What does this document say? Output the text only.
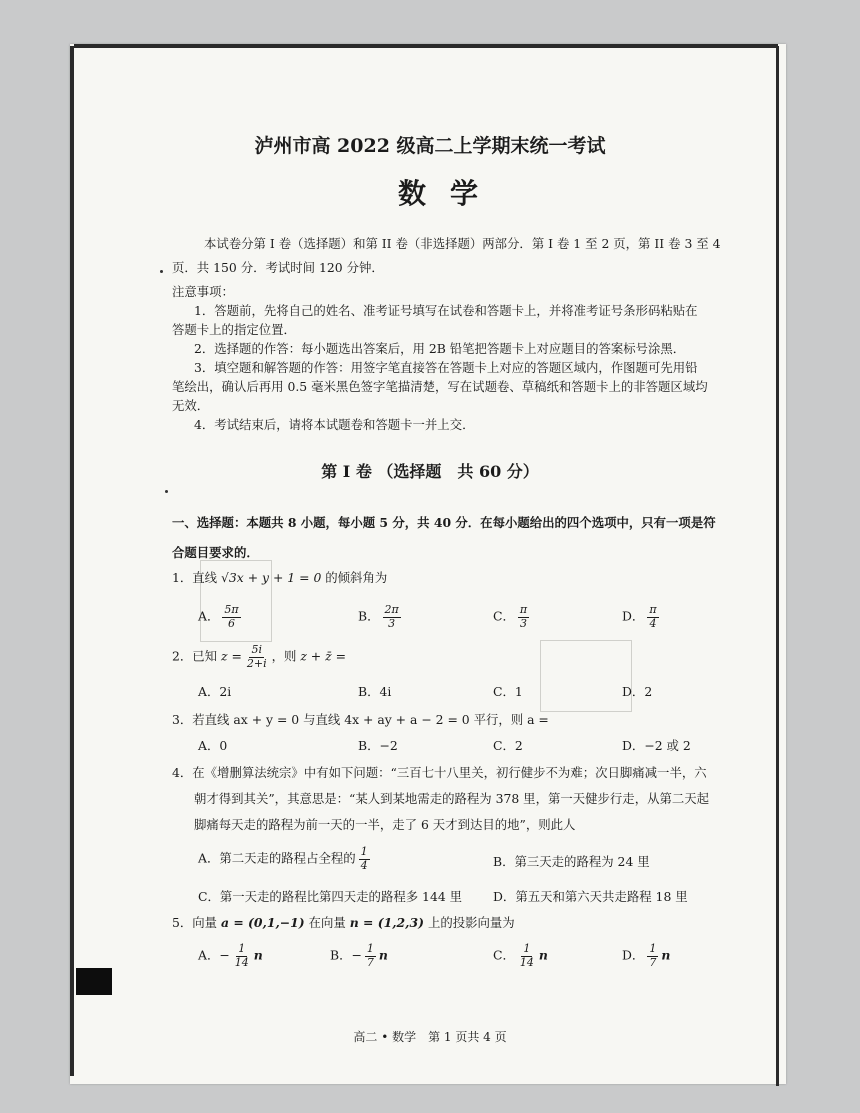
泸州市高 2022 级高二上学期末统一考试
数学
本试卷分第 I 卷（选择题）和第 II 卷（非选择题）两部分．第 I 卷 1 至 2 页，第 II 卷 3 至 4
页．共 150 分．考试时间 120 分钟．
注意事项：
1．答题前，先将自己的姓名、准考证号填写在试卷和答题卡上，并将准考证号条形码粘贴在
答题卡上的指定位置．
2．选择题的作答：每小题选出答案后，用 2B 铅笔把答题卡上对应题目的答案标号涂黑．
3．填空题和解答题的作答：用签字笔直接答在答题卡上对应的答题区域内，作图题可先用铅
笔绘出，确认后再用 0.5 毫米黑色签字笔描清楚，写在试题卷、草稿纸和答题卡上的非答题区域均
无效．
4．考试结束后，请将本试题卷和答题卡一并上交．
第 I 卷 （选择题　共 60 分）
一、选择题：本题共 8 小题，每小题 5 分，共 40 分．在每小题给出的四个选项中，只有一项是符
合题目要求的．
1．直线 √3x + y + 1 = 0 的倾斜角为
A． $\frac{5\pi}{6}$	B． $\frac{2\pi}{3}$	C． $\frac{\pi}{3}$	D． $\frac{\pi}{4}$
2．已知 $z = \frac{5i}{2+i}$ ，则 z + z̄ =
A．2i	B．4i	C．1	D．2
3．若直线 ax + y = 0 与直线 4x + ay + a − 2 = 0 平行，则 a =
A．0	B．−2	C．2	D．−2 或 2
4．在《增删算法统宗》中有如下问题：“三百七十八里关，初行健步不为难；次日脚痛减一半，六
朝才得到其关”，其意思是：“某人到某地需走的路程为 378 里，第一天健步行走，从第二天起
脚痛每天走的路程为前一天的一半，走了 6 天才到达目的地”，则此人
A．第二天走的路程占全程的 $\frac{1}{4}$	B．第三天走的路程为 24 里
C．第一天走的路程比第四天走的路程多 144 里 D．第五天和第六天共走路程 18 里
5．向量 a = (0,1,−1) 在向量 n = (1,2,3) 上的投影向量为
A．− $\frac{1}{14}$ n	B．− $\frac{1}{7}$ n	C． $\frac{1}{14}$ n	D． $\frac{1}{7}$ n
高二 • 数学　第 1 页共 4 页
